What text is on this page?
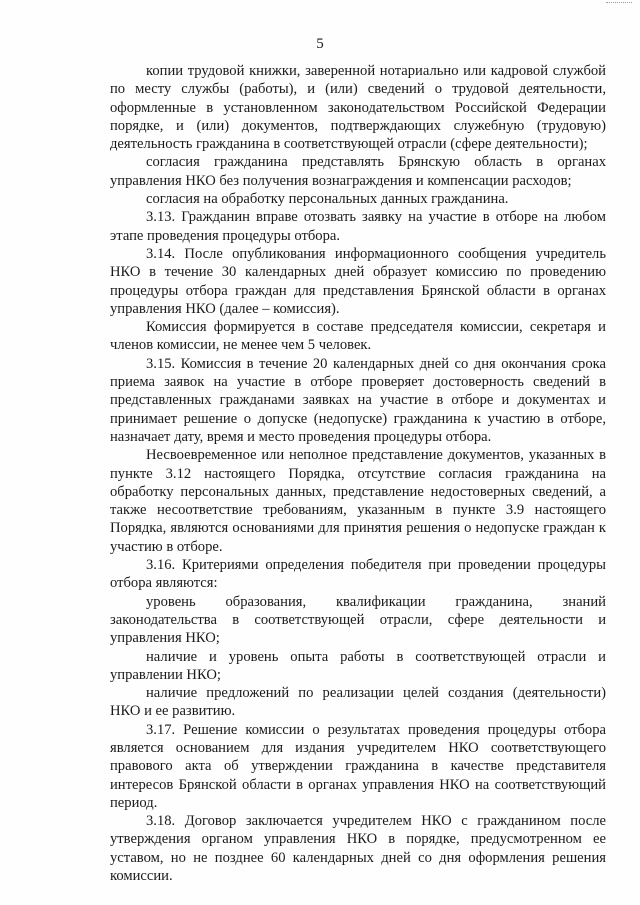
5

копии трудовой книжки, заверенной нотариально или кадровой службой по месту службы (работы), и (или) сведений о трудовой деятельности, оформленные в установленном законодательством Российской Федерации порядке, и (или) документов, подтверждающих служебную (трудовую) деятельность гражданина в соответствующей отрасли (сфере деятельности);

согласия гражданина представлять Брянскую область в органах управления НКО без получения вознаграждения и компенсации расходов;

согласия на обработку персональных данных гражданина.

3.13. Гражданин вправе отозвать заявку на участие в отборе на любом этапе проведения процедуры отбора.

3.14. После опубликования информационного сообщения учредитель НКО в течение 30 календарных дней образует комиссию по проведению процедуры отбора граждан для представления Брянской области в органах управления НКО (далее – комиссия).

Комиссия формируется в составе председателя комиссии, секретаря и членов комиссии, не менее чем 5 человек.

3.15. Комиссия в течение 20 календарных дней со дня окончания срока приема заявок на участие в отборе проверяет достоверность сведений в представленных гражданами заявках на участие в отборе и документах и принимает решение о допуске (недопуске) гражданина к участию в отборе, назначает дату, время и место проведения процедуры отбора.

Несвоевременное или неполное представление документов, указанных в пункте 3.12 настоящего Порядка, отсутствие согласия гражданина на обработку персональных данных, представление недостоверных сведений, а также несоответствие требованиям, указанным в пункте 3.9 настоящего Порядка, являются основаниями для принятия решения о недопуске граждан к участию в отборе.

3.16. Критериями определения победителя при проведении процедуры отбора являются:

уровень образования, квалификации гражданина, знаний законодательства в соответствующей отрасли, сфере деятельности и управления НКО;

наличие и уровень опыта работы в соответствующей отрасли и управлении НКО;

наличие предложений по реализации целей создания (деятельности) НКО и ее развитию.

3.17. Решение комиссии о результатах проведения процедуры отбора является основанием для издания учредителем НКО соответствующего правового акта об утверждении гражданина в качестве представителя интересов Брянской области в органах управления НКО на соответствующий период.

3.18. Договор заключается учредителем НКО с гражданином после утверждения органом управления НКО в порядке, предусмотренном ее уставом, но не позднее 60 календарных дней со дня оформления решения комиссии.
